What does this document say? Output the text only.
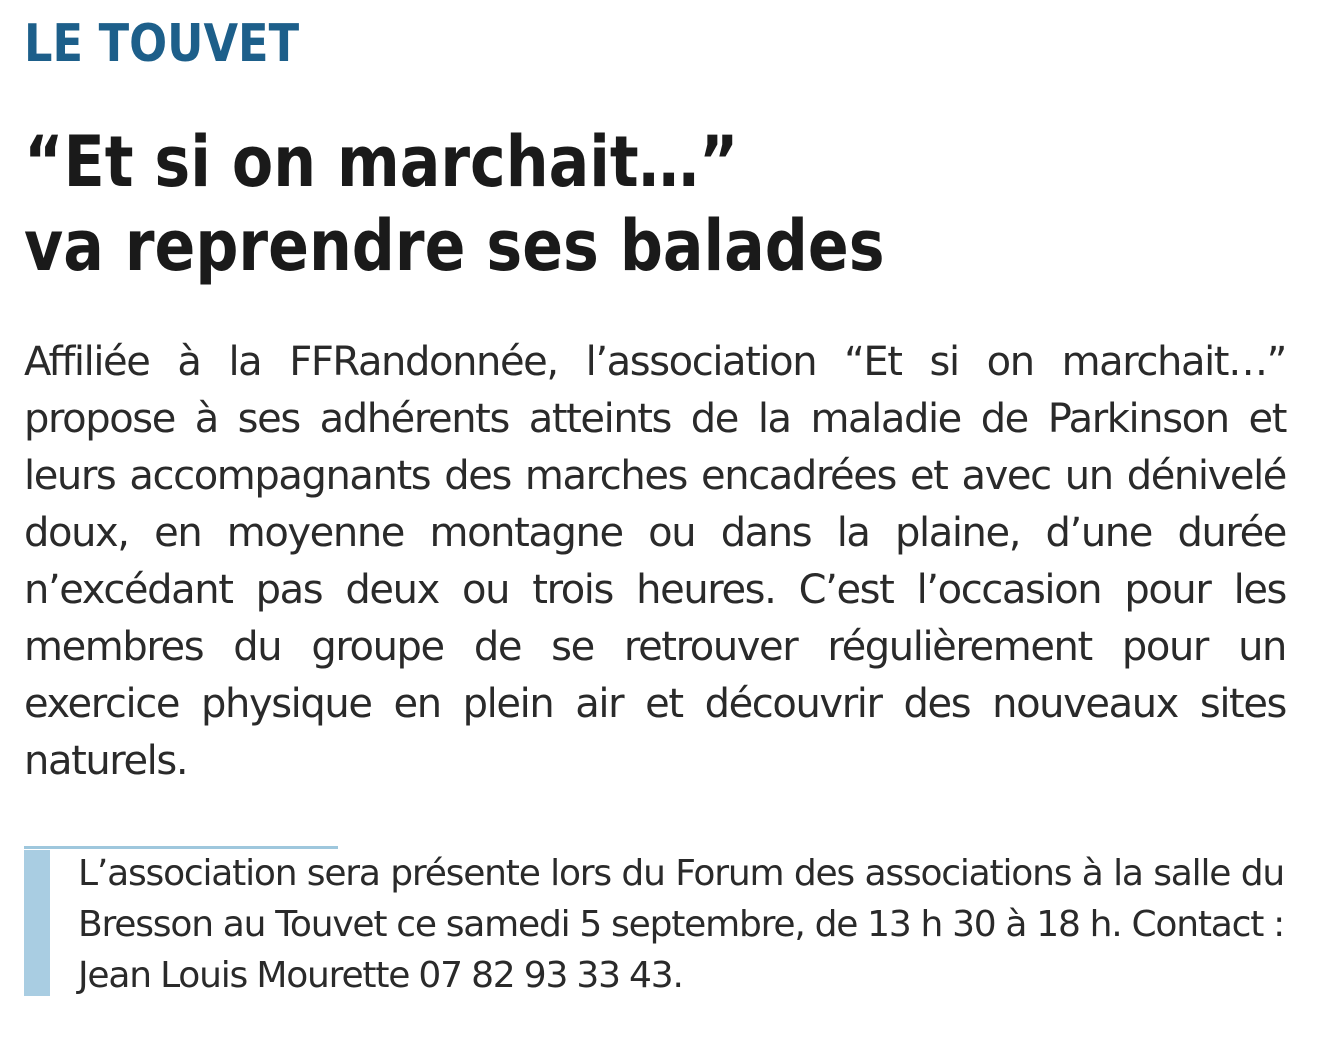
LE TOUVET
“Et si on marchait…”
va reprendre ses balades

Affiliée à la FFRandonnée, l’association “Et si on marchait…” propose à ses adhérents atteints de la maladie de Parkinson et leurs accompagnants des marches encadrées et avec un dénivelé doux, en moyenne montagne ou dans la plaine, d’une durée n’excédant pas deux ou trois heures. C’est l’occasion pour les membres du groupe de se retrouver régulièrement pour un exercice physique en plein air et découvrir des nouveaux sites naturels.

L’association sera présente lors du Forum des associations à la salle du Bresson au Touvet ce samedi 5 septembre, de 13 h 30 à 18 h. Contact : Jean Louis Mourette 07 82 93 33 43.
